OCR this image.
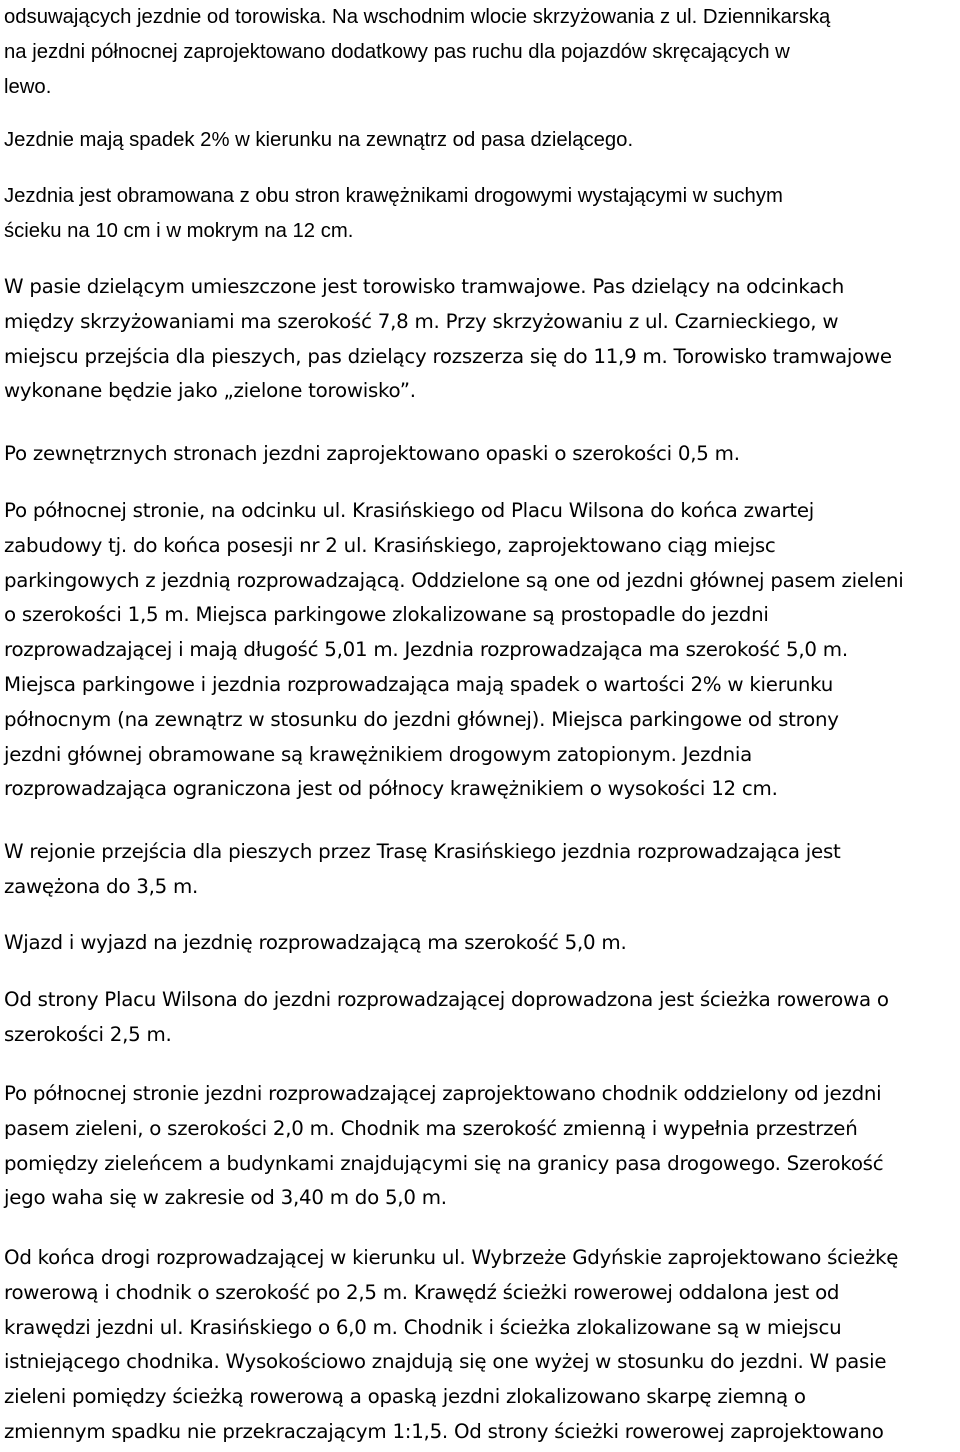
odsuwających jezdnie od torowiska. Na wschodnim wlocie skrzyżowania z ul. Dziennikarską
na jezdni północnej zaprojektowano dodatkowy pas ruchu dla pojazdów skręcających w
lewo.

Jezdnie mają spadek 2% w kierunku na zewnątrz od pasa dzielącego.

Jezdnia jest obramowana z obu stron krawężnikami drogowymi wystającymi w suchym
ścieku na 10 cm i w mokrym na 12 cm.

W pasie dzielącym umieszczone jest torowisko tramwajowe. Pas dzielący na odcinkach
między skrzyżowaniami ma szerokość 7,8 m. Przy skrzyżowaniu z ul. Czarnieckiego, w
miejscu przejścia dla pieszych, pas dzielący rozszerza się do 11,9 m. Torowisko tramwajowe
wykonane będzie jako „zielone torowisko”.

Po zewnętrznych stronach jezdni zaprojektowano opaski o szerokości 0,5 m.

Po północnej stronie, na odcinku ul. Krasińskiego od Placu Wilsona do końca zwartej
zabudowy tj. do końca posesji nr 2 ul. Krasińskiego, zaprojektowano ciąg miejsc
parkingowych z jezdnią rozprowadzającą. Oddzielone są one od jezdni głównej pasem zieleni
o szerokości 1,5 m. Miejsca parkingowe zlokalizowane są prostopadle do jezdni
rozprowadzającej i mają długość 5,01 m. Jezdnia rozprowadzająca ma szerokość 5,0 m.
Miejsca parkingowe i jezdnia rozprowadzająca mają spadek o wartości 2% w kierunku
północnym (na zewnątrz w stosunku do jezdni głównej). Miejsca parkingowe od strony
jezdni głównej obramowane są krawężnikiem drogowym zatopionym. Jezdnia
rozprowadzająca ograniczona jest od północy krawężnikiem o wysokości 12 cm.

W rejonie przejścia dla pieszych przez Trasę Krasińskiego jezdnia rozprowadzająca jest
zawężona do 3,5 m.

Wjazd i wyjazd na jezdnię rozprowadzającą ma szerokość 5,0 m.

Od strony Placu Wilsona do jezdni rozprowadzającej doprowadzona jest ścieżka rowerowa o
szerokości 2,5 m.

Po północnej stronie jezdni rozprowadzającej zaprojektowano chodnik oddzielony od jezdni
pasem zieleni, o szerokości 2,0 m. Chodnik ma szerokość zmienną i wypełnia przestrzeń
pomiędzy zieleńcem a budynkami znajdującymi się na granicy pasa drogowego. Szerokość
jego waha się w zakresie od 3,40 m do 5,0 m.

Od końca drogi rozprowadzającej w kierunku ul. Wybrzeże Gdyńskie zaprojektowano ścieżkę
rowerową i chodnik o szerokość po 2,5 m. Krawędź ścieżki rowerowej oddalona jest od
krawędzi jezdni ul. Krasińskiego o 6,0 m. Chodnik i ścieżka zlokalizowane są w miejscu
istniejącego chodnika. Wysokościowo znajdują się one wyżej w stosunku do jezdni. W pasie
zieleni pomiędzy ścieżką rowerową a opaską jezdni zlokalizowano skarpę ziemną o
zmiennym spadku nie przekraczającym 1:1,5. Od strony ścieżki rowerowej zaprojektowano
